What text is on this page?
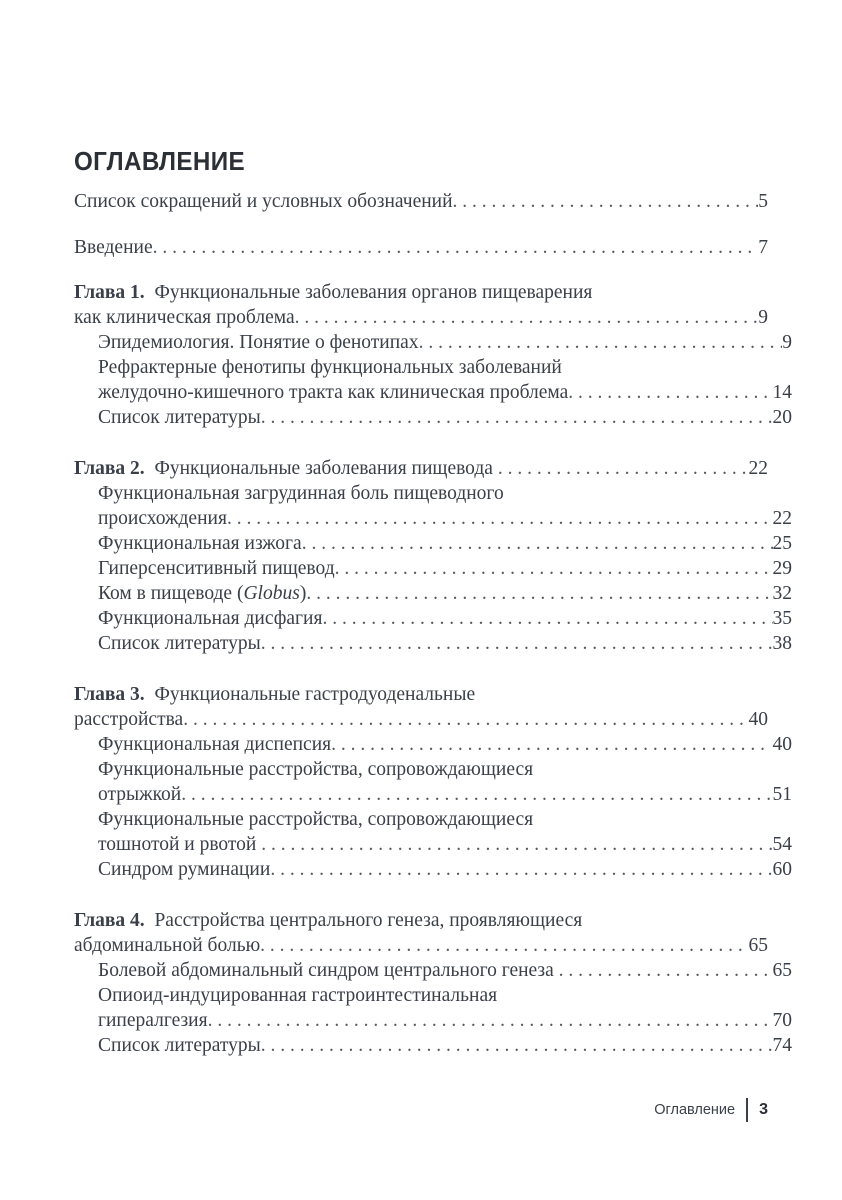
ОГЛАВЛЕНИЕ
Список сокращений и условных обозначений . . .	5
Введение . . .	7
Глава 1. Функциональные заболевания органов пищеварения
как клиническая проблема . . .	9
Эпидемиология. Понятие о фенотипах . . .	9
Рефрактерные фенотипы функциональных заболеваний
желудочно-кишечного тракта как клиническая проблема . . .	14
Список литературы . . .	20
Глава 2. Функциональные заболевания пищевода . . .	22
Функциональная загрудинная боль пищеводного
происхождения . . .	22
Функциональная изжога . . .	25
Гиперсенситивный пищевод . . .	29
Ком в пищеводе (Globus) . . .	32
Функциональная дисфагия . . .	35
Список литературы . . .	38
Глава 3. Функциональные гастродуоденальные
расстройства . . .	40
Функциональная диспепсия . . .	40
Функциональные расстройства, сопровождающиеся
отрыжкой . . .	51
Функциональные расстройства, сопровождающиеся
тошнотой и рвотой . . .	54
Синдром руминации . . .	60
Глава 4. Расстройства центрального генеза, проявляющиеся
абдоминальной болью . . .	65
Болевой абдоминальный синдром центрального генеза . . .	65
Опиоид-индуцированная гастроинтестинальная
гипералгезия . . .	70
Список литературы . . .	74
Оглавление 3
